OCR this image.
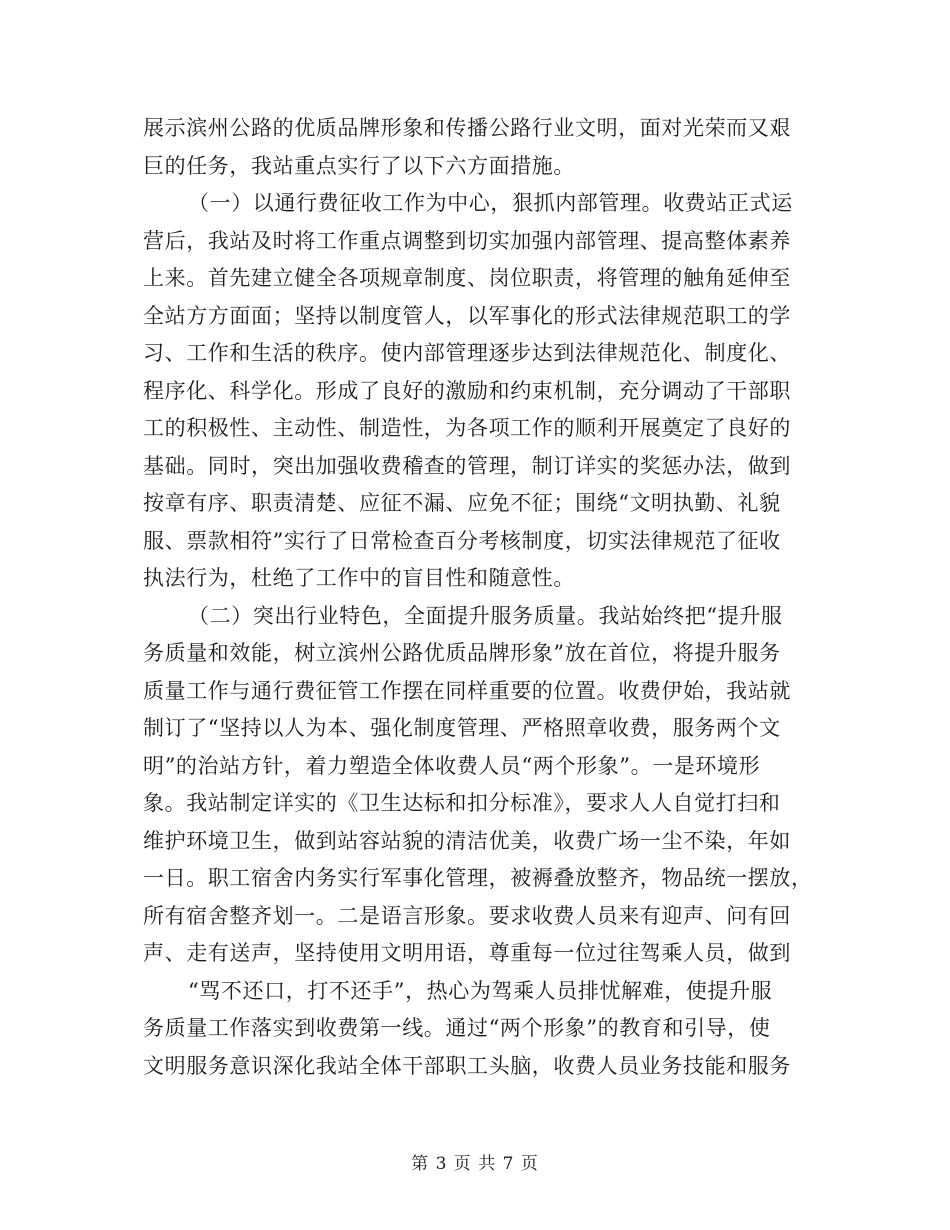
展示滨州公路的优质品牌形象和传播公路行业文明，面对光荣而又艰
巨的任务，我站重点实行了以下六方面措施。
（一）以通行费征收工作为中心，狠抓内部管理。收费站正式运
营后，我站及时将工作重点调整到切实加强内部管理、提高整体素养
上来。首先建立健全各项规章制度、岗位职责，将管理的触角延伸至
全站方方面面；坚持以制度管人，以军事化的形式法律规范职工的学
习、工作和生活的秩序。使内部管理逐步达到法律规范化、制度化、
程序化、科学化。形成了良好的激励和约束机制，充分调动了干部职
工的积极性、主动性、制造性，为各项工作的顺利开展奠定了良好的
基础。同时，突出加强收费稽查的管理，制订详实的奖惩办法，做到
按章有序、职责清楚、应征不漏、应免不征；围绕“文明执勤、礼貌
服、票款相符”实行了日常检查百分考核制度，切实法律规范了征收
执法行为，杜绝了工作中的盲目性和随意性。
（二）突出行业特色，全面提升服务质量。我站始终把“提升服
务质量和效能，树立滨州公路优质品牌形象”放在首位，将提升服务
质量工作与通行费征管工作摆在同样重要的位置。收费伊始，我站就
制订了“坚持以人为本、强化制度管理、严格照章收费，服务两个文
明”的治站方针，着力塑造全体收费人员“两个形象”。一是环境形
象。我站制定详实的《卫生达标和扣分标准》，要求人人自觉打扫和
维护环境卫生，做到站容站貌的清洁优美，收费广场一尘不染，年如
一日。职工宿舍内务实行军事化管理，被褥叠放整齐，物品统一摆放，
所有宿舍整齐划一。二是语言形象。要求收费人员来有迎声、问有回
声、走有送声，坚持使用文明用语，尊重每一位过往驾乘人员，做到
“骂不还口，打不还手”，热心为驾乘人员排忧解难，使提升服
务质量工作落实到收费第一线。通过“两个形象”的教育和引导，使
文明服务意识深化我站全体干部职工头脑，收费人员业务技能和服务
第 3 页 共 7 页
